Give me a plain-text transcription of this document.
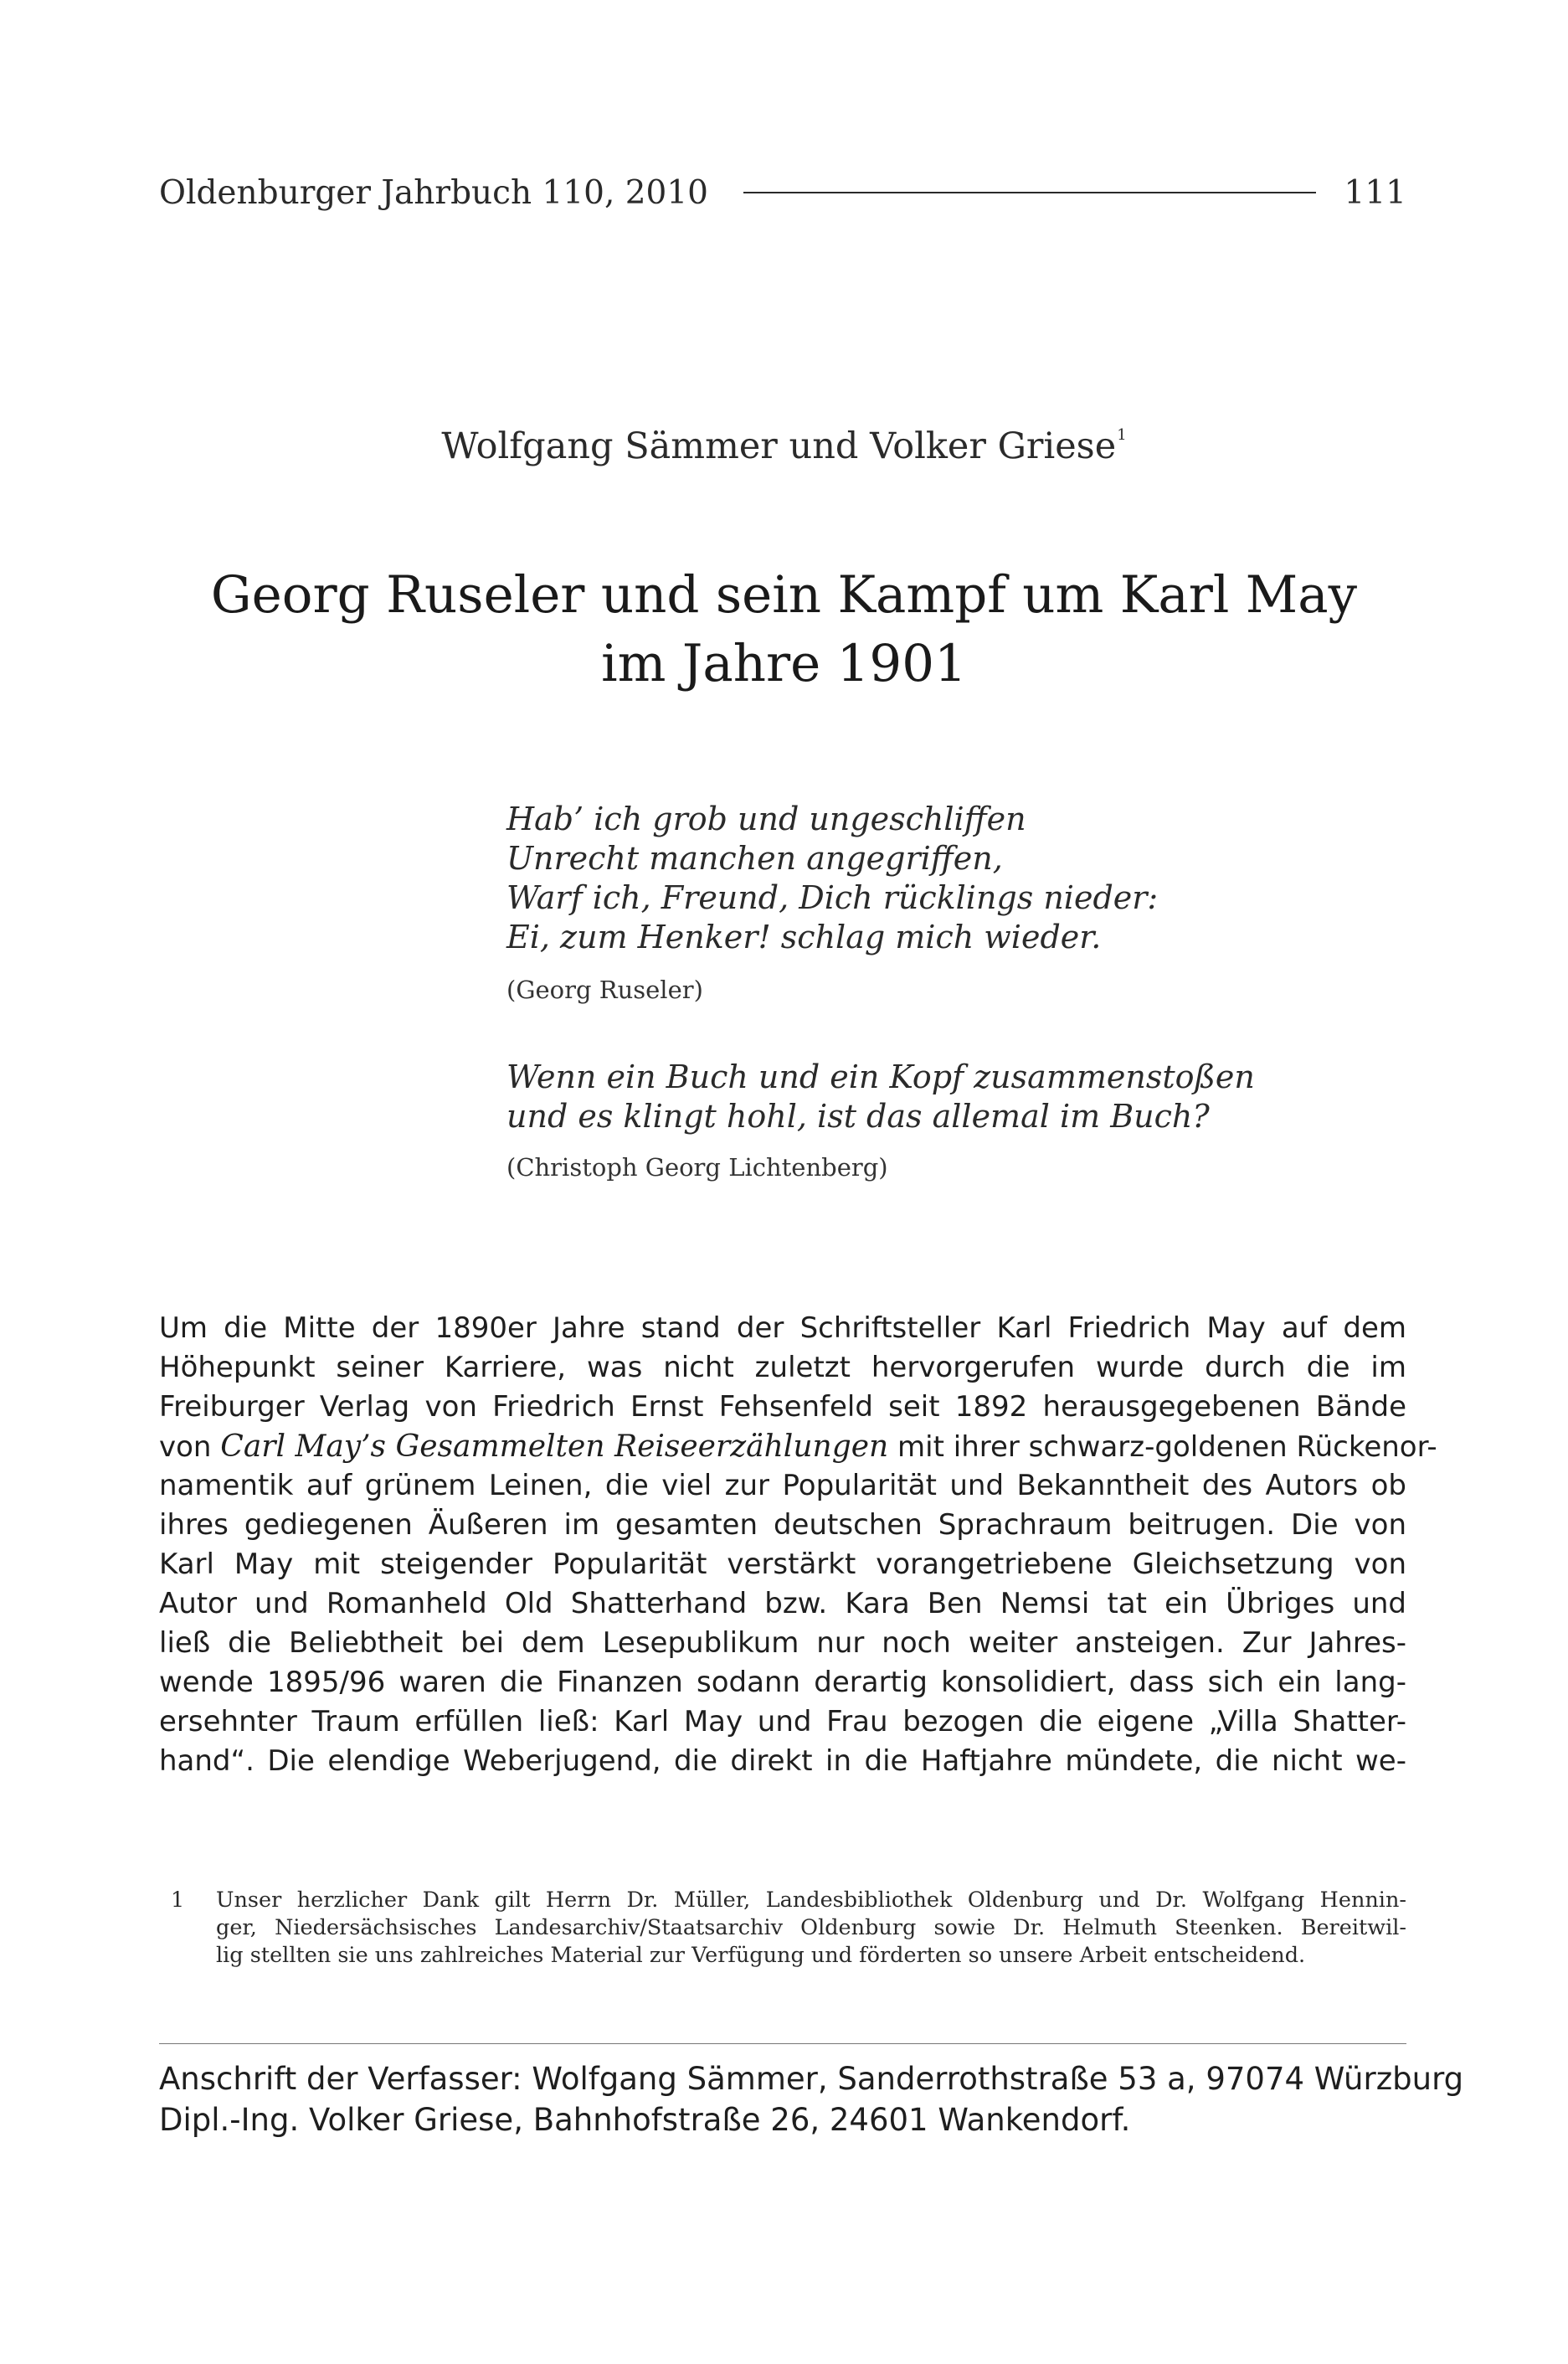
Oldenburger Jahrbuch 110, 2010	111
Wolfgang Sämmer und Volker Griese$^1$
Georg Ruseler und sein Kampf um Karl May
im Jahre 1901
Hab’ ich grob und ungeschliffen
Unrecht manchen angegriffen,
Warf ich, Freund, Dich rücklings nieder:
Ei, zum Henker! schlag mich wieder.
(Georg Ruseler)
Wenn ein Buch und ein Kopf zusammenstoßen
und es klingt hohl, ist das allemal im Buch?
(Christoph Georg Lichtenberg)
Um die Mitte der 1890er Jahre stand der Schriftsteller Karl Friedrich May auf dem
Höhepunkt seiner Karriere, was nicht zuletzt hervorgerufen wurde durch die im
Freiburger Verlag von Friedrich Ernst Fehsenfeld seit 1892 herausgegebenen Bände
von Carl May’s Gesammelten Reiseerzählungen mit ihrer schwarz-goldenen Rückenor-
namentik auf grünem Leinen, die viel zur Popularität und Bekanntheit des Autors ob
ihres gediegenen Äußeren im gesamten deutschen Sprachraum beitrugen. Die von
Karl May mit steigender Popularität verstärkt vorangetriebene Gleichsetzung von
Autor und Romanheld Old Shatterhand bzw. Kara Ben Nemsi tat ein Übriges und
ließ die Beliebtheit bei dem Lesepublikum nur noch weiter ansteigen. Zur Jahres-
wende 1895/96 waren die Finanzen sodann derartig konsolidiert, dass sich ein lang-
ersehnter Traum erfüllen ließ: Karl May und Frau bezogen die eigene „Villa Shatter-
hand“. Die elendige Weberjugend, die direkt in die Haftjahre mündete, die nicht we-
1 Unser herzlicher Dank gilt Herrn Dr. Müller, Landesbibliothek Oldenburg und Dr. Wolfgang Hennin-
ger, Niedersächsisches Landesarchiv/Staatsarchiv Oldenburg sowie Dr. Helmuth Steenken. Bereitwil-
lig stellten sie uns zahlreiches Material zur Verfügung und förderten so unsere Arbeit entscheidend.
Anschrift der Verfasser: Wolfgang Sämmer, Sanderrothstraße 53 a, 97074 Würzburg
Dipl.-Ing. Volker Griese, Bahnhofstraße 26, 24601 Wankendorf.
